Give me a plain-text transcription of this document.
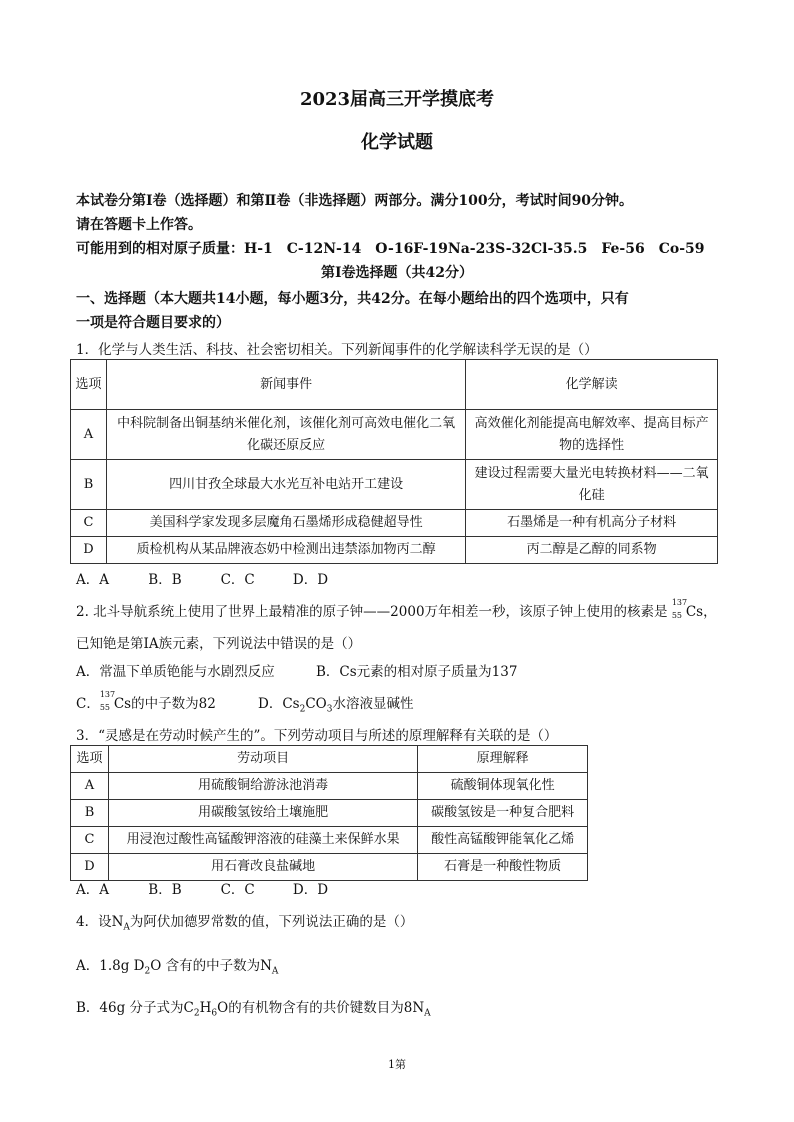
2023届高三开学摸底考
化学试题
本试卷分第Ⅰ卷（选择题）和第Ⅱ卷（非选择题）两部分。满分100分，考试时间90分钟。
请在答题卡上作答。
可能用到的相对原子质量：H-1　C-12N-14　O-16F-19Na-23S-32Cl-35.5　Fe-56　Co-59
第Ⅰ卷选择题（共42分）
一、选择题（本大题共14小题，每小题3分，共42分。在每小题给出的四个选项中，只有
一项是符合题目要求的）
1．化学与人类生活、科技、社会密切相关。下列新闻事件的化学解读科学无误的是（）
选项	新闻事件	化学解读
A	中科院制备出铜基纳米催化剂，该催化剂可高效电催化二氧化碳还原反应	高效催化剂能提高电解效率、提高目标产物的选择性
B	四川甘孜全球最大水光互补电站开工建设	建设过程需要大量光电转换材料——二氧化硅
C	美国科学家发现多层魔角石墨烯形成稳健超导性	石墨烯是一种有机高分子材料
D	质检机构从某品牌液态奶中检测出违禁添加物丙二醇	丙二醇是乙醇的同系物
A．A	B．B	C．C	D．D
2. 北斗导航系统上使用了世界上最精准的原子钟——2000万年相差一秒，该原子钟上使用的核素是
137
55 Cs，
已知铯是第ⅠA族元素，下列说法中错误的是（）
A．常温下单质铯能与水剧烈反应	B．Cs元素的相对原子质量为137
C．
137
55 Cs的中子数为82	D．$Cs_2CO_3$水溶液显碱性
3．“灵感是在劳动时候产生的”。下列劳动项目与所述的原理解释有关联的是（）
选项	劳动项目	原理解释
A	用硫酸铜给游泳池消毒	硫酸铜体现氧化性
B	用碳酸氢铵给土壤施肥	碳酸氢铵是一种复合肥料
C	用浸泡过酸性高锰酸钾溶液的硅藻土来保鲜水果	酸性高锰酸钾能氧化乙烯
D	用石膏改良盐碱地	石膏是一种酸性物质
A．A	B．B	C．C	D．D
4．设$N_A$为阿伏加德罗常数的值，下列说法正确的是（）
A．1.8g $D_2O$ 含有的中子数为$N_A$
B．46g 分子式为$C_2H_6O$的有机物含有的共价键数目为$8N_A$
1第
